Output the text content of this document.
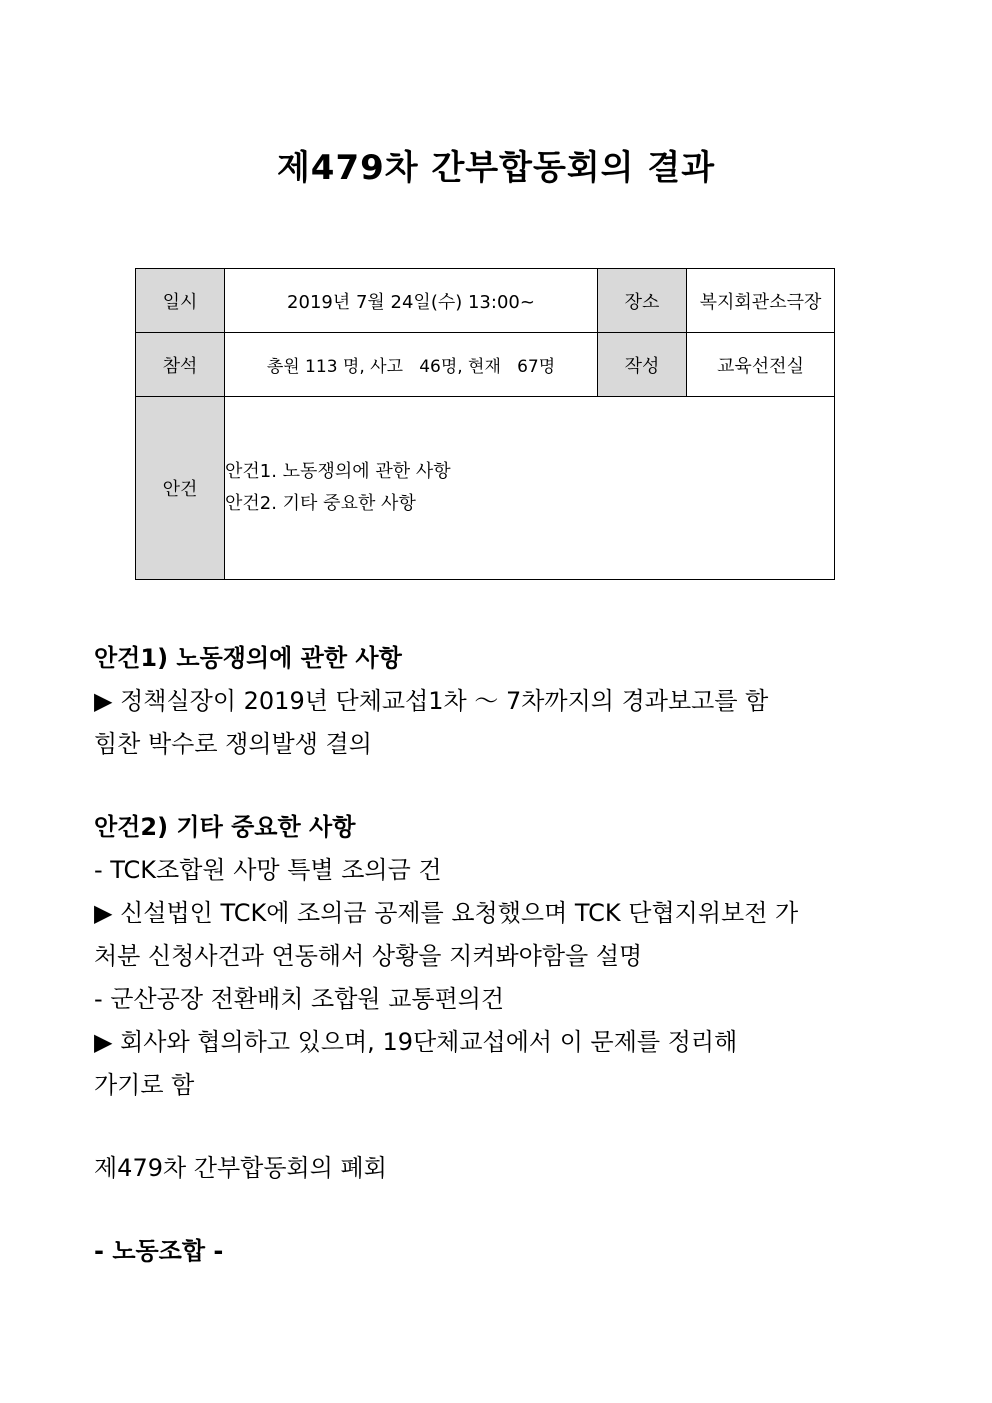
제479차 간부합동회의 결과
일시	2019년 7월 24일(수) 13:00~	장소	복지회관소극장
참석	총원 113 명, 사고   46명, 현재   67명	작성	교육선전실
안건	안건1. 노동쟁의에 관한 사항
안건2. 기타 중요한 사항		
안건1) 노동쟁의에 관한 사항
▶ 정책실장이 2019년 단체교섭1차 ～ 7차까지의 경과보고를 함
힘찬 박수로 쟁의발생 결의
안건2) 기타 중요한 사항
- TCK조합원 사망 특별 조의금 건
▶ 신설법인 TCK에 조의금 공제를 요청했으며 TCK 단협지위보전 가
처분 신청사건과 연동해서 상황을 지켜봐야함을 설명
- 군산공장 전환배치 조합원 교통편의건
▶ 회사와 협의하고 있으며, 19단체교섭에서 이 문제를 정리해
가기로 함
제479차 간부합동회의 폐회
- 노동조합 -
